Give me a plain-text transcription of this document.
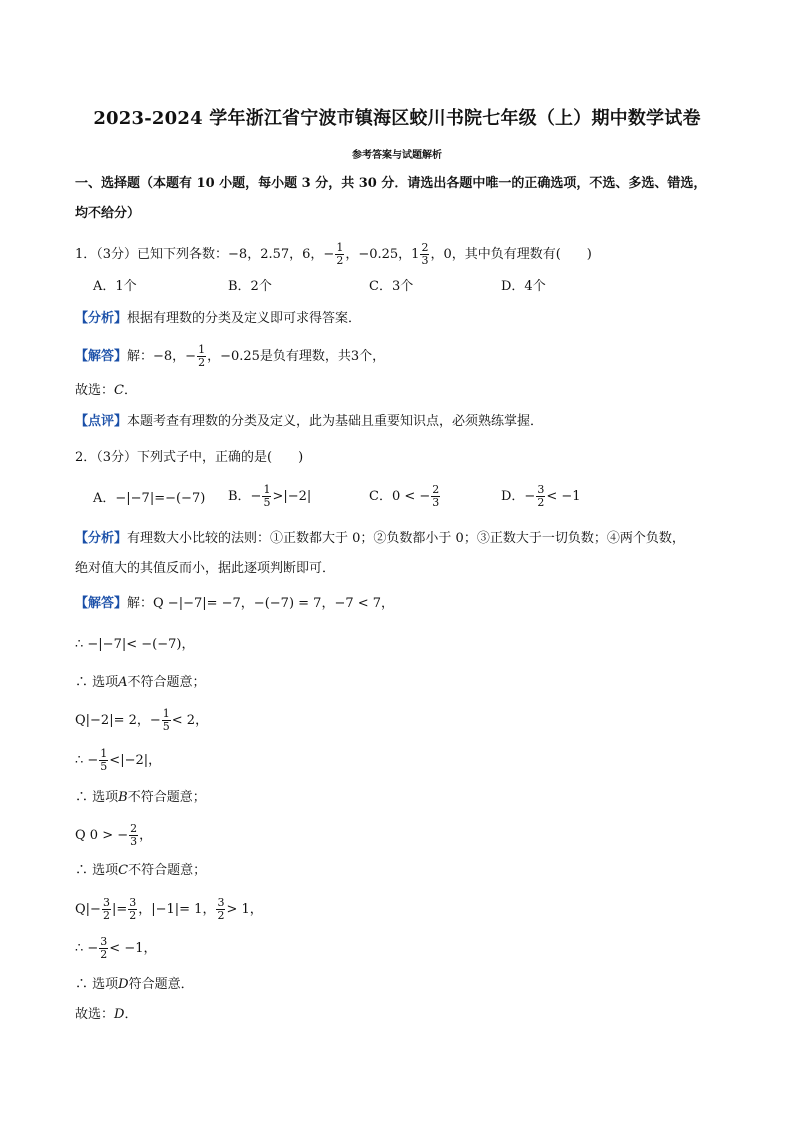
2023-2024 学年浙江省宁波市镇海区蛟川书院七年级（上）期中数学试卷
参考答案与试题解析
一、选择题（本题有 10 小题，每小题 3 分，共 30 分．请选出各题中唯一的正确选项，不选、多选、错选，
均不给分）
1．（3分）已知下列各数：−8，2.57，6，− $\frac{1}{2}$ ，−0.25，$1 \frac{2}{3}$ ，0，其中负有理数有(　　)
A．1个	B．2个	C．3个	D．4个
【分析】根据有理数的分类及定义即可求得答案．
【解答】解：−8，− $\frac{1}{2}$ ，−0.25是负有理数，共3个，
故选：C．
【点评】本题考查有理数的分类及定义，此为基础且重要知识点，必须熟练掌握．
2．（3分）下列式子中，正确的是(　　)
A．−|−7|=−(−7) B．− $\frac{1}{5} >|-2|$	C．0 < − $\frac{2}{3}$	D．− $\frac{3}{2} < -1$
【分析】有理数大小比较的法则：①正数都大于 0；②负数都小于 0；③正数大于一切负数；④两个负数，
绝对值大的其值反而小，据此逐项判断即可．
【解答】解：Q −|−7|= −7，−(−7) = 7，−7 < 7，
∴ −|−7|< −(−7)，
∴ 选项A不符合题意；
Q|−2|= 2，− $\frac{1}{5} < 2$，
∴ − $\frac{1}{5} <|-2|$，
∴ 选项B不符合题意；
Q 0 > − $\frac{2}{3}$ ，
∴ 选项C不符合题意；
$Q|- \frac{3}{2}$ |= $\frac{3}{2}$ ，|−1|= 1， $\frac{3}{2} > 1$，
∴ − $\frac{3}{2} < -1$，
∴ 选项D符合题意．
故选：D．
